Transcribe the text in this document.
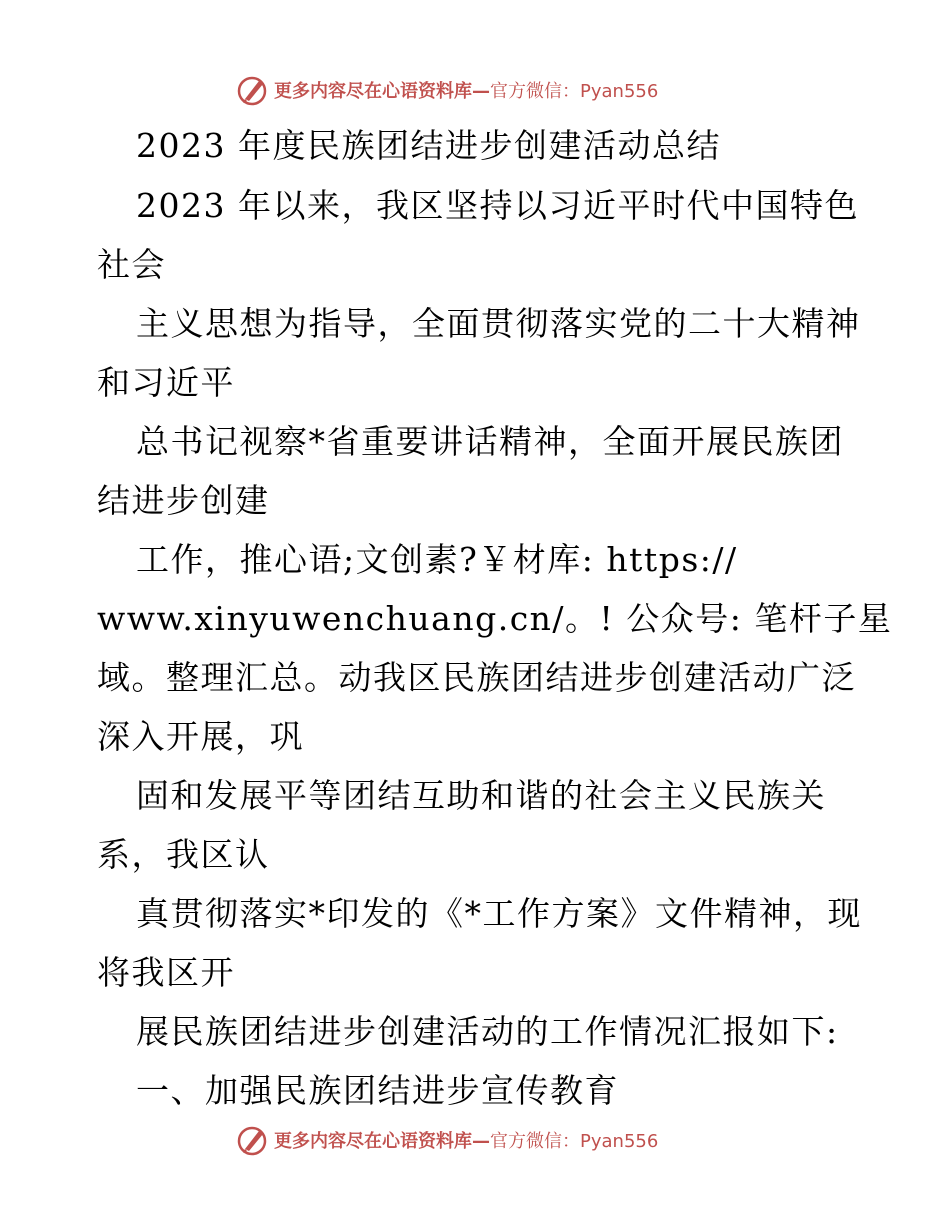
更多内容尽在心语资料库—官方微信：Pyan556
2023 年度民族团结进步创建活动总结
2023 年以来，我区坚持以习近平时代中国特色
社会
主义思想为指导，全面贯彻落实党的二十大精神
和习近平
总书记视察*省重要讲话精神，全面开展民族团
结进步创建
工作，推心语;文创素?￥材库: https://
www.xinyuwenchuang.cn/。! 公众号: 笔杆子星
域。整理汇总。动我区民族团结进步创建活动广泛
深入开展，巩
固和发展平等团结互助和谐的社会主义民族关
系，我区认
真贯彻落实*印发的《*工作方案》文件精神，现
将我区开
展民族团结进步创建活动的工作情况汇报如下:
一、加强民族团结进步宣传教育
更多内容尽在心语资料库—官方微信：Pyan556
